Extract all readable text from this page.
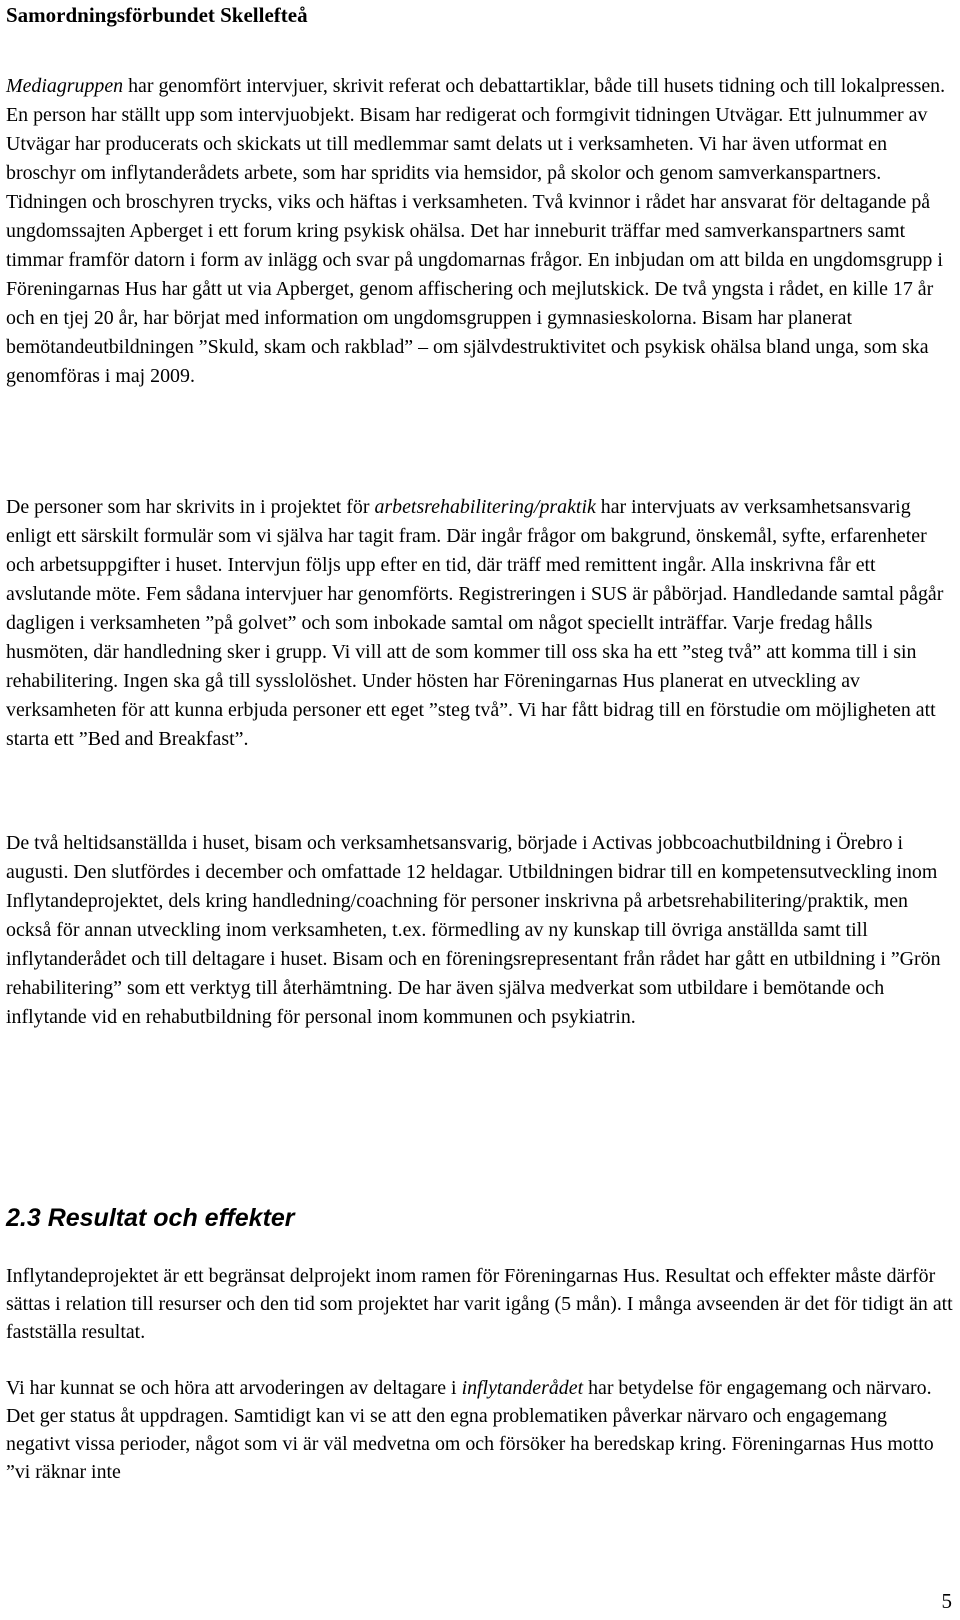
Samordningsförbundet Skellefteå

Mediagruppen har genomfört intervjuer, skrivit referat och debattartiklar, både till husets tidning och till lokalpressen. En person har ställt upp som intervjuobjekt. Bisam har redigerat och formgivit tidningen Utvägar. Ett julnummer av Utvägar har producerats och skickats ut till medlemmar samt delats ut i verksamheten. Vi har även utformat en broschyr om inflytanderådets arbete, som har spridits via hemsidor, på skolor och genom samverkanspartners. Tidningen och broschyren trycks, viks och häftas i verksamheten. Två kvinnor i rådet har ansvarat för deltagande på ungdomssajten Apberget i ett forum kring psykisk ohälsa. Det har inneburit träffar med samverkanspartners samt timmar framför datorn i form av inlägg och svar på ungdomarnas frågor. En inbjudan om att bilda en ungdomsgrupp i Föreningarnas Hus har gått ut via Apberget, genom affischering och mejlutskick. De två yngsta i rådet, en kille 17 år och en tjej 20 år, har börjat med information om ungdomsgruppen i gymnasieskolorna. Bisam har planerat bemötandeutbildningen ”Skuld, skam och rakblad” – om självdestruktivitet och psykisk ohälsa bland unga, som ska genomföras i maj 2009.

De personer som har skrivits in i projektet för arbetsrehabilitering/praktik har intervjuats av verksamhetsansvarig enligt ett särskilt formulär som vi själva har tagit fram. Där ingår frågor om bakgrund, önskemål, syfte, erfarenheter och arbetsuppgifter i huset. Intervjun följs upp efter en tid, där träff med remittent ingår. Alla inskrivna får ett avslutande möte. Fem sådana intervjuer har genomförts. Registreringen i SUS är påbörjad. Handledande samtal pågår dagligen i verksamheten ”på golvet” och som inbokade samtal om något speciellt inträffar. Varje fredag hålls husmöten, där handledning sker i grupp. Vi vill att de som kommer till oss ska ha ett ”steg två” att komma till i sin rehabilitering. Ingen ska gå till sysslolöshet. Under hösten har Föreningarnas Hus planerat en utveckling av verksamheten för att kunna erbjuda personer ett eget ”steg två”. Vi har fått bidrag till en förstudie om möjligheten att starta ett ”Bed and Breakfast”.

De två heltidsanställda i huset, bisam och verksamhetsansvarig, började i Activas jobbcoachutbildning i Örebro i augusti. Den slutfördes i december och omfattade 12 heldagar. Utbildningen bidrar till en kompetensutveckling inom Inflytandeprojektet, dels kring handledning/coachning för personer inskrivna på arbetsrehabilitering/praktik, men också för annan utveckling inom verksamheten, t.ex. förmedling av ny kunskap till övriga anställda samt till inflytanderådet och till deltagare i huset. Bisam och en föreningsrepresentant från rådet har gått en utbildning i ”Grön rehabilitering” som ett verktyg till återhämtning. De har även själva medverkat som utbildare i bemötande och inflytande vid en rehabutbildning för personal inom kommunen och psykiatrin.

2.3 Resultat och effekter

Inflytandeprojektet är ett begränsat delprojekt inom ramen för Föreningarnas Hus. Resultat och effekter måste därför sättas i relation till resurser och den tid som projektet har varit igång (5 mån). I många avseenden är det för tidigt än att fastställa resultat.

Vi har kunnat se och höra att arvoderingen av deltagare i inflytanderådet har betydelse för engagemang och närvaro. Det ger status åt uppdragen. Samtidigt kan vi se att den egna problematiken påverkar närvaro och engagemang negativt vissa perioder, något som vi är väl medvetna om och försöker ha beredskap kring. Föreningarnas Hus motto ”vi räknar inte

5
